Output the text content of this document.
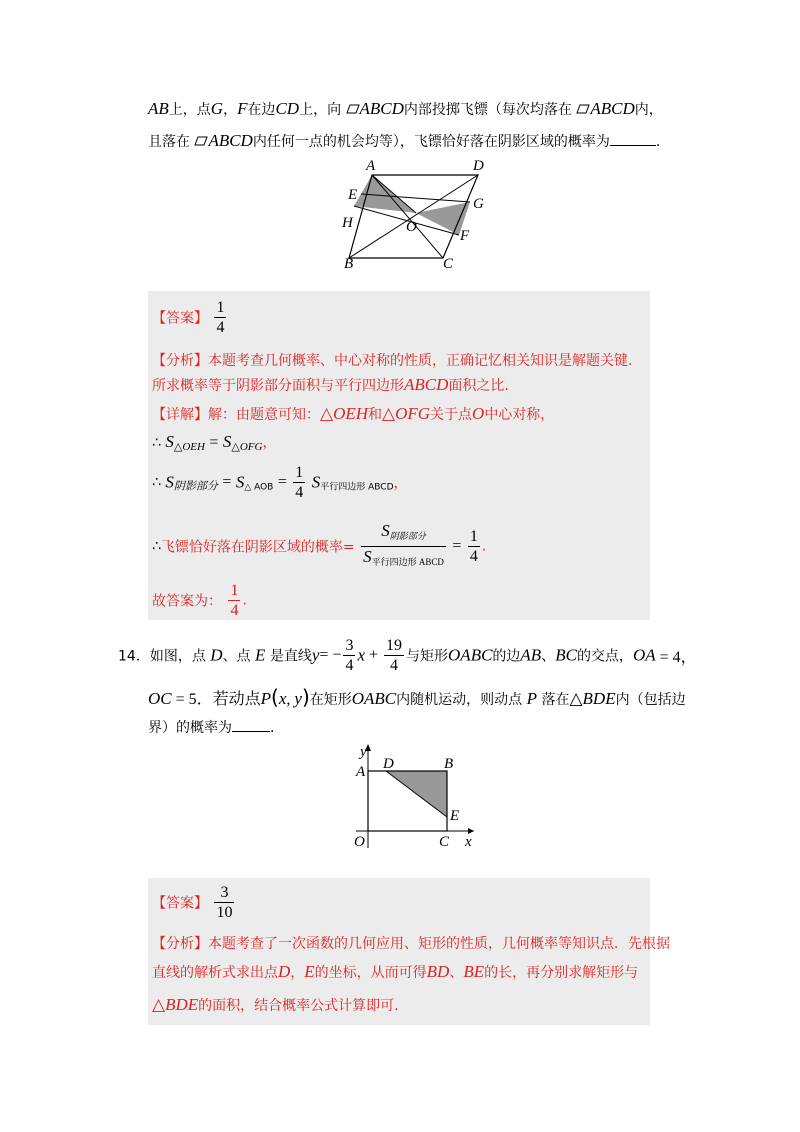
AB上，点G，F在边CD上，向 ABCD内部投掷飞镖（每次均落在 ABCD内，
且落在 ABCD内任何一点的机会均等），飞镖恰好落在阴影区域的概率为	.
A	D
E
G
O
H
F
B	C
【答案】 $\frac{1}{4}$
【分析】本题考查几何概率、中心对称的性质，正确记忆相关知识是解题关键.
所求概率等于阴影部分面积与平行四边形ABCD面积之比.
【详解】解：由题意可知：△OEH和△OFG关于点O中心对称，
∴ $S_{\triangle OEH} = S_{\triangle OFG}$，
∴ $S_{阴影部分} = S_{\triangle AOB} = \frac{1}{4} S_{平行四边形 ABCD}$，
∴飞镖恰好落在阴影区域的概率= $\frac{S_{阴影部分}}{S_{平行四边形 ABCD}} = \frac{1}{4}$ .
故答案为： $\frac{1}{4}$ .
14．如图，点 D、点 E 是直线$y= - \frac{3}{4}$ $x + \frac{19}{4}$ 与矩形OABC的边AB、BC的交点，OA = 4，
OC = 5．若动点P(x, y)在矩形OABC内随机运动，则动点 P 落在△BDE内（包括边
界）的概率为	.
y
A D	B
E
O	C x
【答案】 $\frac{3}{10}$
【分析】本题考查了一次函数的几何应用、矩形的性质，几何概率等知识点．先根据
直线的解析式求出点D，E的坐标，从而可得BD、BE的长，再分别求解矩形与
△BDE的面积，结合概率公式计算即可.
